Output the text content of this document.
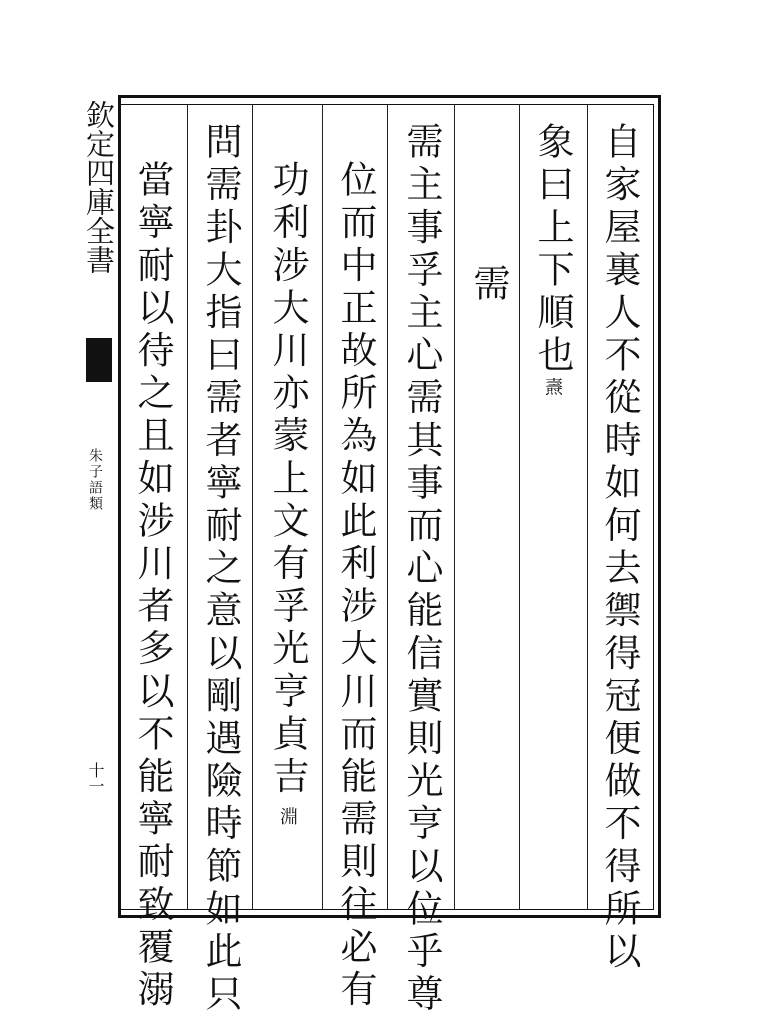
欽定四庫全書
朱子語類
十一	自家屋裏人不從時如何去禦得冠便做不得所以
象曰上下順也燾
需
需主事孚主心需其事而心能信實則光亨以位乎尊
位而中正故所為如此利涉大川而能需則往必有
功利涉大川亦蒙上文有孚光亨貞吉淵
問需卦大指曰需者寧耐之意以剛遇險時節如此只
當寧耐以待之且如涉川者多以不能寧耐致覆溺
